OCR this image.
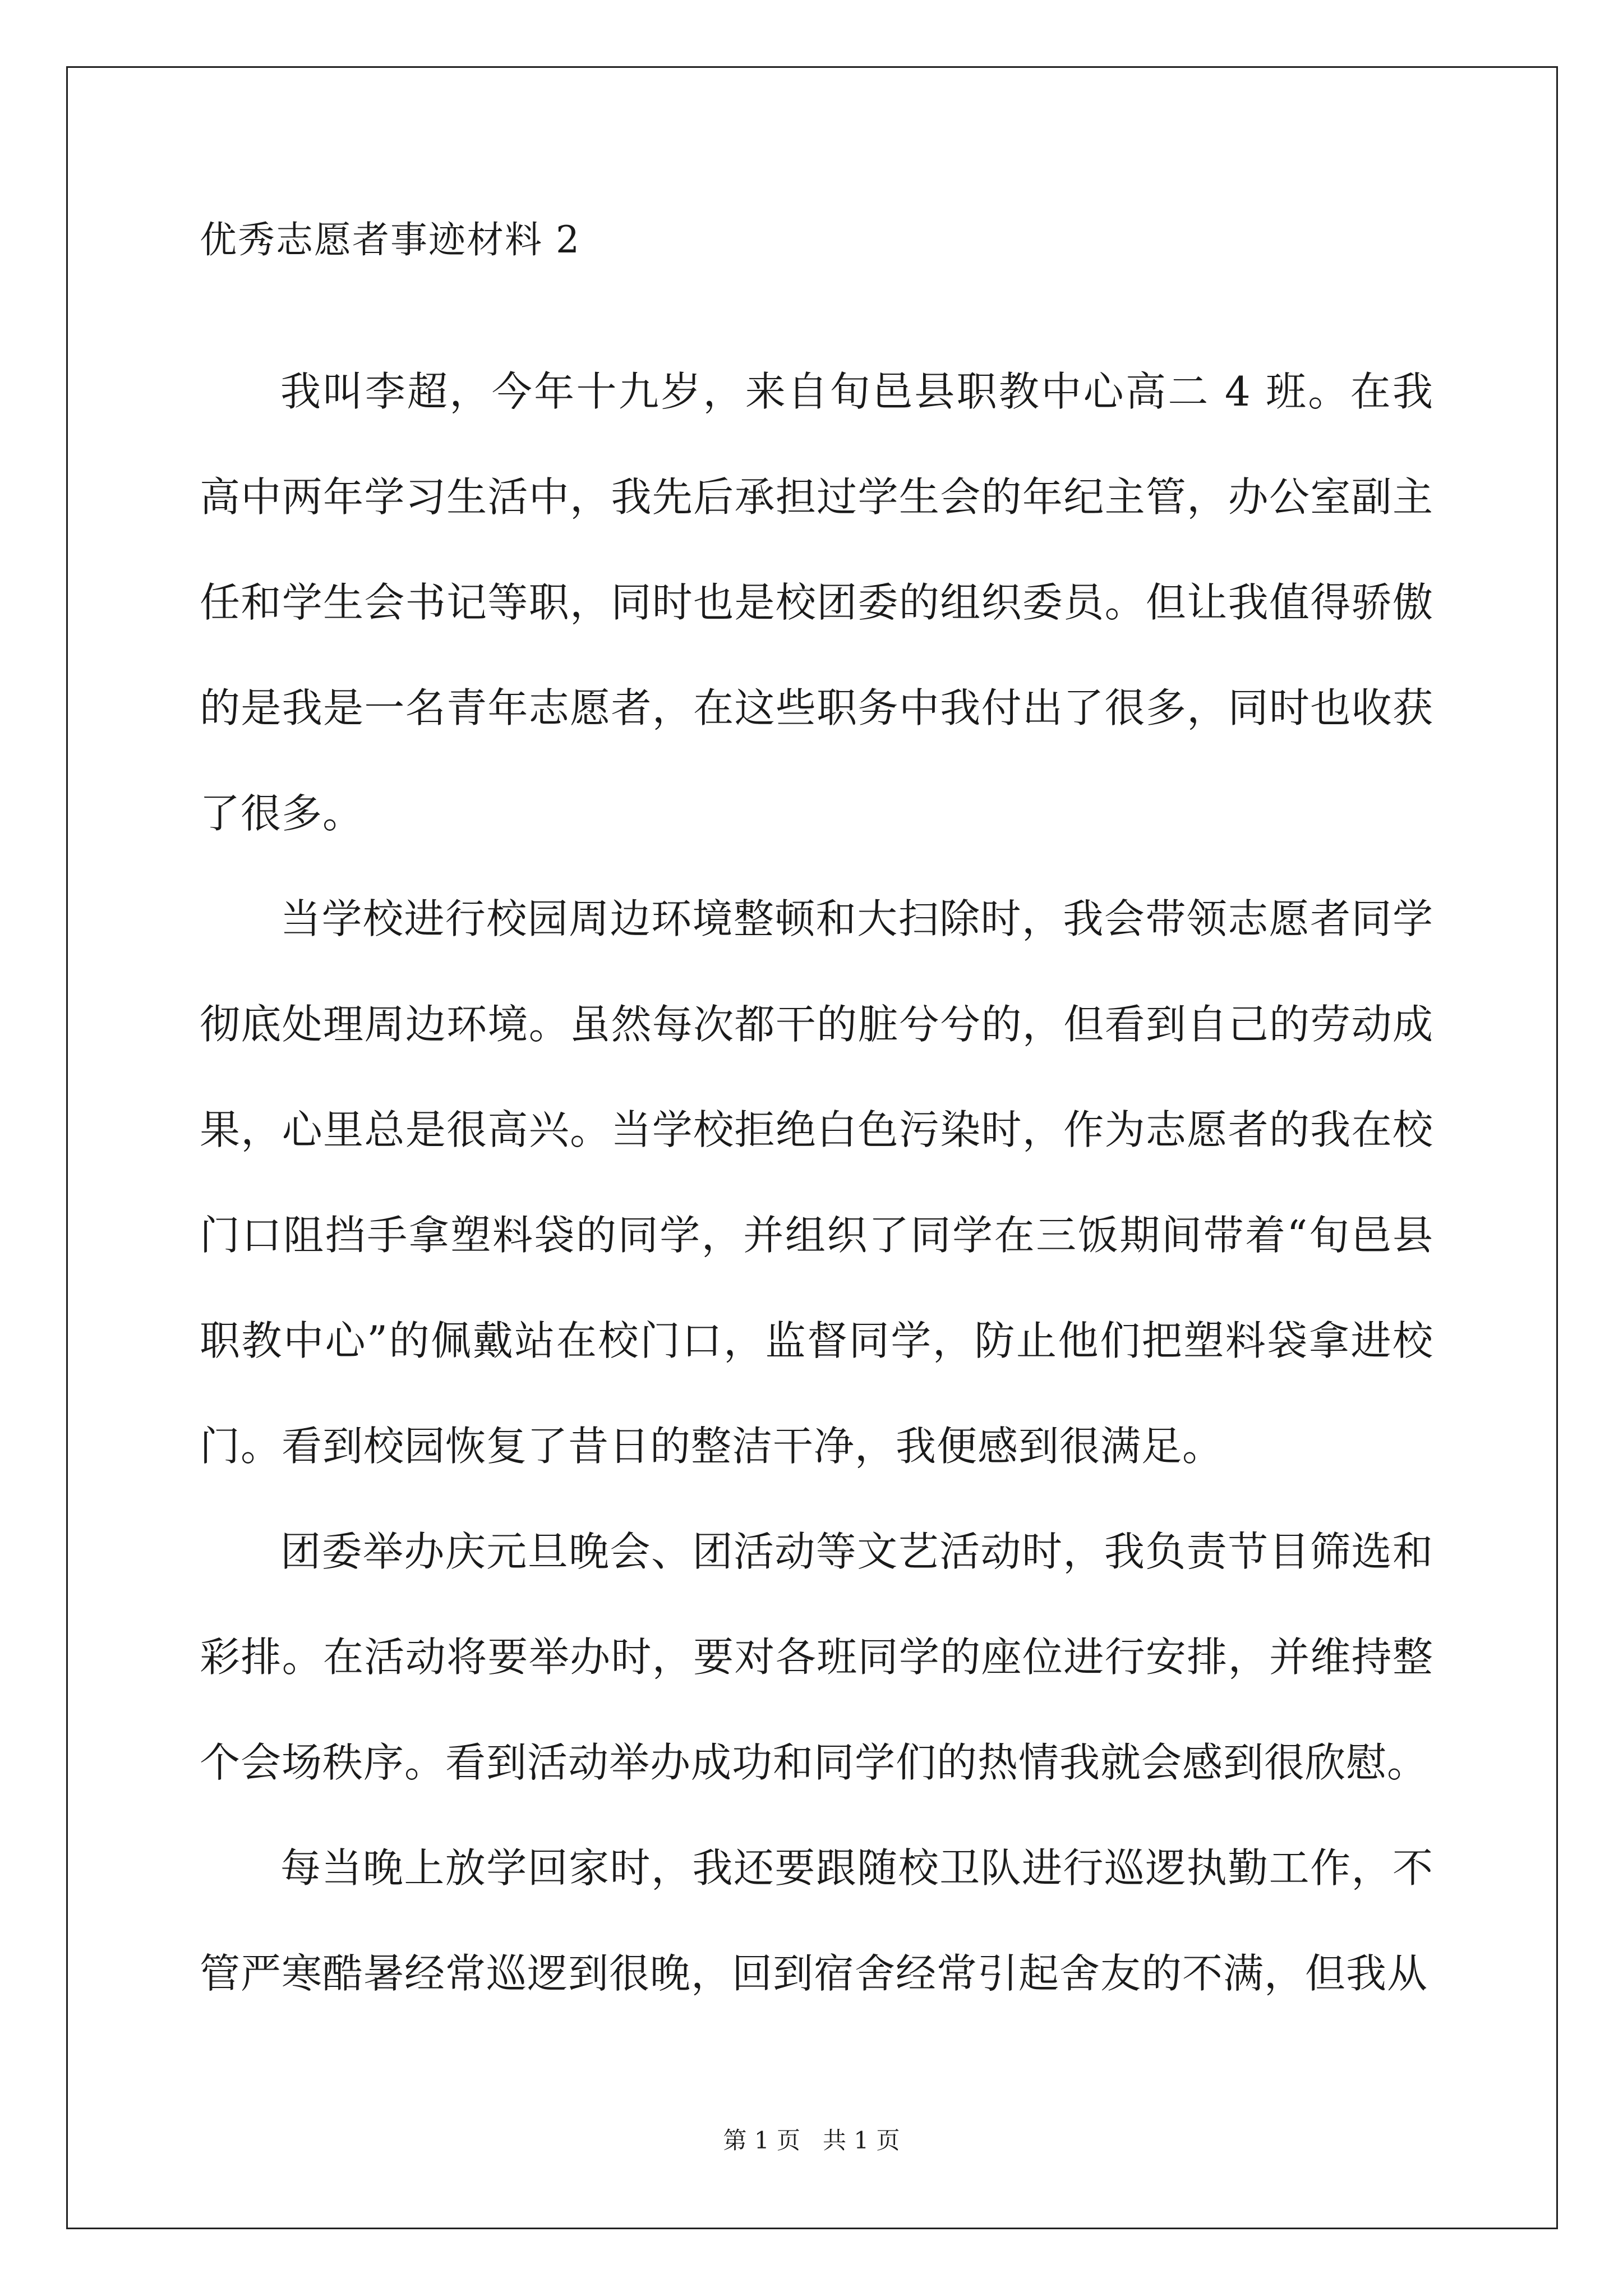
优秀志愿者事迹材料 2

我叫李超，今年十九岁，来自旬邑县职教中心高二 4 班。在我高中两年学习生活中，我先后承担过学生会的年纪主管，办公室副主任和学生会书记等职，同时也是校团委的组织委员。但让我值得骄傲的是我是一名青年志愿者，在这些职务中我付出了很多，同时也收获了很多。

当学校进行校园周边环境整顿和大扫除时，我会带领志愿者同学彻底处理周边环境。虽然每次都干的脏兮兮的，但看到自己的劳动成果，心里总是很高兴。当学校拒绝白色污染时，作为志愿者的我在校门口阻挡手拿塑料袋的同学，并组织了同学在三饭期间带着“旬邑县职教中心”的佩戴站在校门口，监督同学，防止他们把塑料袋拿进校门。看到校园恢复了昔日的整洁干净，我便感到很满足。

团委举办庆元旦晚会、团活动等文艺活动时，我负责节目筛选和彩排。在活动将要举办时，要对各班同学的座位进行安排，并维持整个会场秩序。看到活动举办成功和同学们的热情我就会感到很欣慰。

每当晚上放学回家时，我还要跟随校卫队进行巡逻执勤工作，不管严寒酷暑经常巡逻到很晚，回到宿舍经常引起舍友的不满，但我从

第 1 页   共 1 页
